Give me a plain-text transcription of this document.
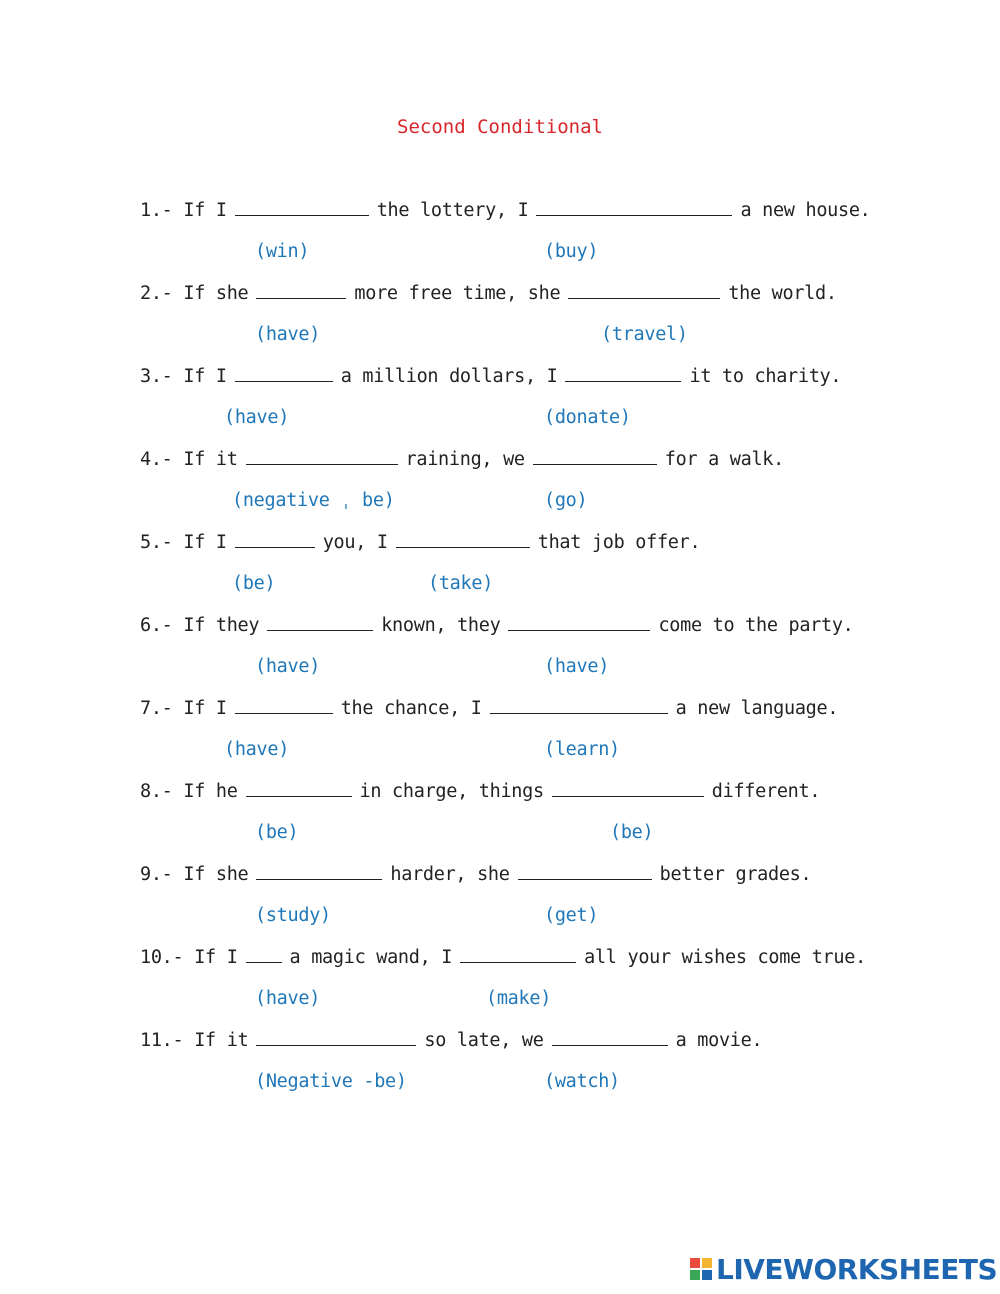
Second Conditional
1.- If I	the lottery, I	a new house.
(win)	(buy)
2.- If she	more free time, she	the world.
(have)	(travel)
3.- If I	a million dollars, I	it to charity.
(have)	(donate)
4.- If it	raining, we	for a walk.
(negative ˌ be)	(go)
5.- If I	you, I	that job offer.
(be)	(take)
6.- If they	known, they	come to the party.
(have)	(have)
7.- If I	the chance, I	a new language.
(have)	(learn)
8.- If he	in charge, things	different.
(be)	(be)
9.- If she	harder, she	better grades.
(study)	(get)
10.- If I	a magic wand, I	all your wishes come true.
(have)	(make)
11.- If it	so late, we	a movie.
(Negative -be)	(watch)
LIVEWORKSHEETS
